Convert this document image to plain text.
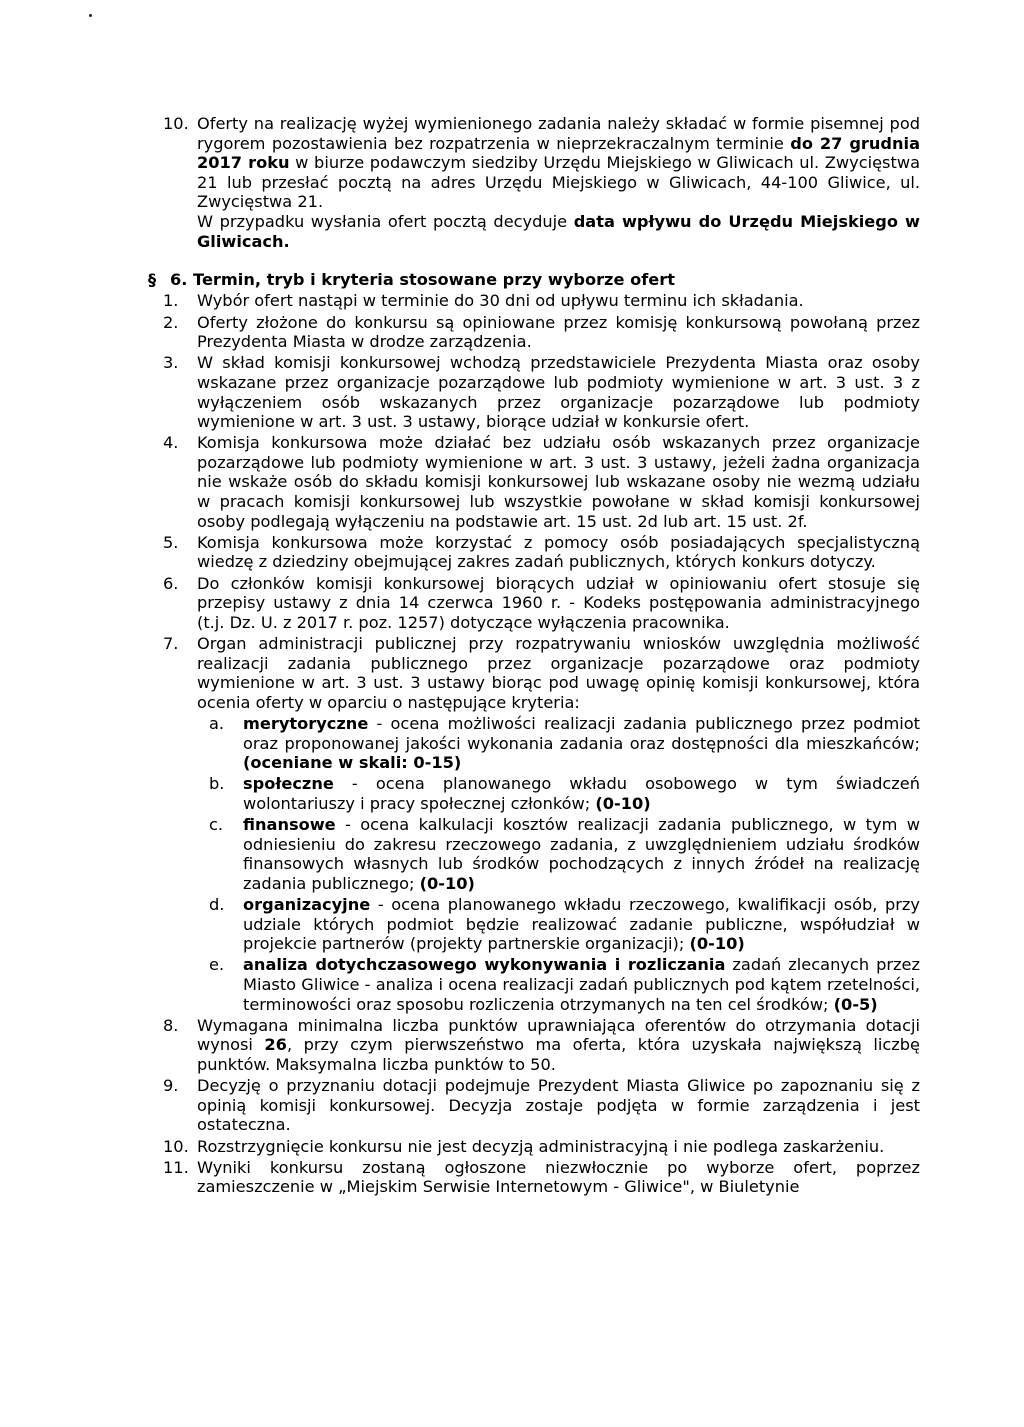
10. Oferty na realizację wyżej wymienionego zadania należy składać w formie pisemnej pod rygorem pozostawienia bez rozpatrzenia w nieprzekraczalnym terminie do 27 grudnia 2017 roku w biurze podawczym siedziby Urzędu Miejskiego w Gliwicach ul. Zwycięstwa 21 lub przesłać pocztą na adres Urzędu Miejskiego w Gliwicach, 44-100 Gliwice, ul. Zwycięstwa 21.
W przypadku wysłania ofert pocztą decyduje data wpływu do Urzędu Miejskiego w Gliwicach.
§ 6. Termin, tryb i kryteria stosowane przy wyborze ofert
1.	Wybór ofert nastąpi w terminie do 30 dni od upływu terminu ich składania.
2.	Oferty złożone do konkursu są opiniowane przez komisję konkursową powołaną przez Prezydenta Miasta w drodze zarządzenia.
3.	W skład komisji konkursowej wchodzą przedstawiciele Prezydenta Miasta oraz osoby wskazane przez organizacje pozarządowe lub podmioty wymienione w art. 3 ust. 3 z wyłączeniem osób wskazanych przez organizacje pozarządowe lub podmioty wymienione w art. 3 ust. 3 ustawy, biorące udział w konkursie ofert.
4.	Komisja konkursowa może działać bez udziału osób wskazanych przez organizacje pozarządowe lub podmioty wymienione w art. 3 ust. 3 ustawy, jeżeli żadna organizacja nie wskaże osób do składu komisji konkursowej lub wskazane osoby nie wezmą udziału w pracach komisji konkursowej lub wszystkie powołane w skład komisji konkursowej osoby podlegają wyłączeniu na podstawie art. 15 ust. 2d lub art. 15 ust. 2f.
5.	Komisja konkursowa może korzystać z pomocy osób posiadających specjalistyczną wiedzę z dziedziny obejmującej zakres zadań publicznych, których konkurs dotyczy.
6.	Do członków komisji konkursowej biorących udział w opiniowaniu ofert stosuje się przepisy ustawy z dnia 14 czerwca 1960 r. - Kodeks postępowania administracyjnego (t.j. Dz. U. z 2017 r. poz. 1257) dotyczące wyłączenia pracownika.
7.	Organ administracji publicznej przy rozpatrywaniu wniosków uwzględnia możliwość realizacji zadania publicznego przez organizacje pozarządowe oraz podmioty wymienione w art. 3 ust. 3 ustawy biorąc pod uwagę opinię komisji konkursowej, która ocenia oferty w oparciu o następujące kryteria:
a.	merytoryczne - ocena możliwości realizacji zadania publicznego przez podmiot oraz proponowanej jakości wykonania zadania oraz dostępności dla mieszkańców; (oceniane w skali: 0-15)
b.	społeczne - ocena planowanego wkładu osobowego w tym świadczeń wolontariuszy i pracy społecznej członków; (0-10)
c.	finansowe - ocena kalkulacji kosztów realizacji zadania publicznego, w tym w odniesieniu do zakresu rzeczowego zadania, z uwzględnieniem udziału środków finansowych własnych lub środków pochodzących z innych źródeł na realizację zadania publicznego; (0-10)
d.	organizacyjne - ocena planowanego wkładu rzeczowego, kwalifikacji osób, przy udziale których podmiot będzie realizować zadanie publiczne, współudział w projekcie partnerów (projekty partnerskie organizacji); (0-10)
e.	analiza dotychczasowego wykonywania i rozliczania zadań zlecanych przez Miasto Gliwice - analiza i ocena realizacji zadań publicznych pod kątem rzetelności, terminowości oraz sposobu rozliczenia otrzymanych na ten cel środków; (0-5)
8.	Wymagana minimalna liczba punktów uprawniająca oferentów do otrzymania dotacji wynosi 26, przy czym pierwszeństwo ma oferta, która uzyskała największą liczbę punktów. Maksymalna liczba punktów to 50.
9.	Decyzję o przyznaniu dotacji podejmuje Prezydent Miasta Gliwice po zapoznaniu się z opinią komisji konkursowej. Decyzja zostaje podjęta w formie zarządzenia i jest ostateczna.
10. Rozstrzygnięcie konkursu nie jest decyzją administracyjną i nie podlega zaskarżeniu.
11. Wyniki konkursu zostaną ogłoszone niezwłocznie po wyborze ofert, poprzez zamieszczenie w „Miejskim Serwisie Internetowym - Gliwice", w Biuletynie
